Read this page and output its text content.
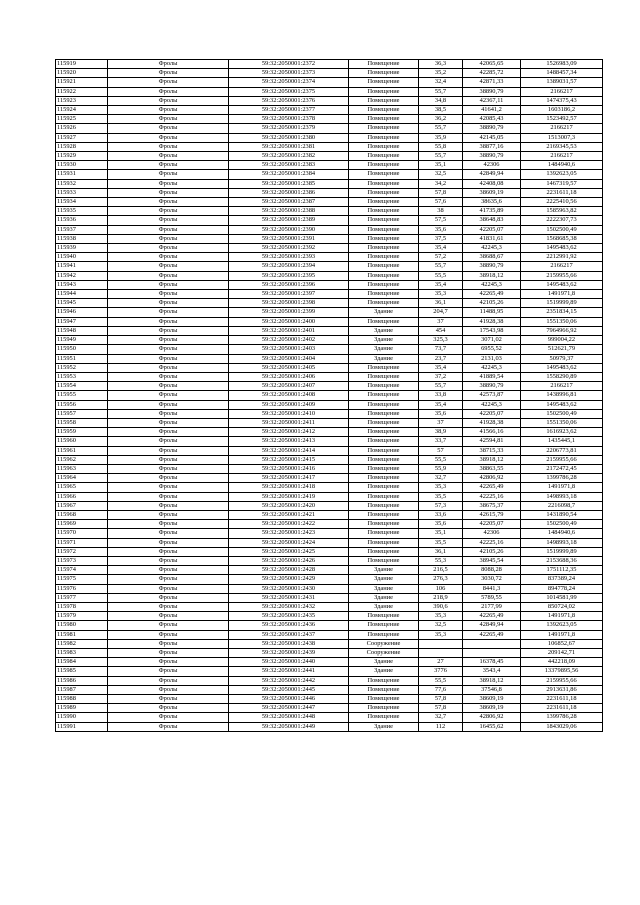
115919	Фролы	59:32:2050001:2372	Помещение	36,3	42065,65	1526983,09
115920	Фролы	59:32:2050001:2373	Помещение	35,2	42285,72	1488457,34
115921	Фролы	59:32:2050001:2374	Помещение	32,4	42871,33	1389031,57
115922	Фролы	59:32:2050001:2375	Помещение	55,7	38890,79	2166217
115923	Фролы	59:32:2050001:2376	Помещение	34,8	42367,11	1474375,43
115924	Фролы	59:32:2050001:2377	Помещение	38,5	41641,2	1603186,2
115925	Фролы	59:32:2050001:2378	Помещение	36,2	42085,43	1523492,57
115926	Фролы	59:32:2050001:2379	Помещение	55,7	38890,79	2166217
115927	Фролы	59:32:2050001:2380	Помещение	35,9	42145,05	1513007,3
115928	Фролы	59:32:2050001:2381	Помещение	55,8	38877,16	2169345,53
115929	Фролы	59:32:2050001:2382	Помещение	55,7	38890,79	2166217
115930	Фролы	59:32:2050001:2383	Помещение	35,1	42306	1484940,6
115931	Фролы	59:32:2050001:2384	Помещение	32,5	42849,94	1392623,05
115932	Фролы	59:32:2050001:2385	Помещение	34,2	42408,08	1467319,57
115933	Фролы	59:32:2050001:2386	Помещение	57,8	38609,19	2231611,18
115934	Фролы	59:32:2050001:2387	Помещение	57,6	38635,6	2225410,56
115935	Фролы	59:32:2050001:2388	Помещение	38	41735,89	1585963,82
115936	Фролы	59:32:2050001:2389	Помещение	57,5	38648,83	2222307,73
115937	Фролы	59:32:2050001:2390	Помещение	35,6	42205,07	1502500,49
115938	Фролы	59:32:2050001:2391	Помещение	37,5	41831,61	1568685,38
115939	Фролы	59:32:2050001:2392	Помещение	35,4	42245,3	1495483,62
115940	Фролы	59:32:2050001:2393	Помещение	57,2	38688,67	2212991,92
115941	Фролы	59:32:2050001:2394	Помещение	55,7	38890,79	2166217
115942	Фролы	59:32:2050001:2395	Помещение	55,5	38918,12	2159955,66
115943	Фролы	59:32:2050001:2396	Помещение	35,4	42245,3	1495483,62
115944	Фролы	59:32:2050001:2397	Помещение	35,3	42265,49	1491971,8
115945	Фролы	59:32:2050001:2398	Помещение	36,1	42105,26	1519999,89
115946	Фролы	59:32:2050001:2399	Здание	204,7	11488,95	2351834,15
115947	Фролы	59:32:2050001:2400	Помещение	37	41928,38	1551350,06
115948	Фролы	59:32:2050001:2401	Здание	454	17543,98	7964966,92
115949	Фролы	59:32:2050001:2402	Здание	325,3	3071,02	999004,22
115950	Фролы	59:32:2050001:2403	Здание	73,7	6955,52	512621,79
115951	Фролы	59:32:2050001:2404	Здание	23,7	2131,03	50979,37
115952	Фролы	59:32:2050001:2405	Помещение	35,4	42245,3	1495483,62
115953	Фролы	59:32:2050001:2406	Помещение	37,2	41889,54	1558290,89
115954	Фролы	59:32:2050001:2407	Помещение	55,7	38890,79	2166217
115955	Фролы	59:32:2050001:2408	Помещение	33,8	42573,87	1438996,81
115956	Фролы	59:32:2050001:2409	Помещение	35,4	42245,3	1495483,62
115957	Фролы	59:32:2050001:2410	Помещение	35,6	42205,07	1502500,49
115958	Фролы	59:32:2050001:2411	Помещение	37	41928,38	1551350,06
115959	Фролы	59:32:2050001:2412	Помещение	38,9	41566,16	1616923,62
115960	Фролы	59:32:2050001:2413	Помещение	33,7	42594,81	1435445,1
115961	Фролы	59:32:2050001:2414	Помещение	57	38715,33	2206773,81
115962	Фролы	59:32:2050001:2415	Помещение	55,5	38918,12	2159955,66
115963	Фролы	59:32:2050001:2416	Помещение	55,9	38863,55	2172472,45
115964	Фролы	59:32:2050001:2417	Помещение	32,7	42806,92	1399786,28
115965	Фролы	59:32:2050001:2418	Помещение	35,3	42265,49	1491971,8
115966	Фролы	59:32:2050001:2419	Помещение	35,5	42225,16	1498993,18
115967	Фролы	59:32:2050001:2420	Помещение	57,3	38675,37	2216098,7
115968	Фролы	59:32:2050001:2421	Помещение	33,6	42615,79	1431890,54
115969	Фролы	59:32:2050001:2422	Помещение	35,6	42205,07	1502500,49
115970	Фролы	59:32:2050001:2423	Помещение	35,1	42306	1484940,6
115971	Фролы	59:32:2050001:2424	Помещение	35,5	42225,16	1498993,18
115972	Фролы	59:32:2050001:2425	Помещение	36,1	42105,26	1519999,89
115973	Фролы	59:32:2050001:2426	Помещение	55,3	38945,54	2153688,36
115974	Фролы	59:32:2050001:2428	Здание	216,5	8088,28	1751112,35
115975	Фролы	59:32:2050001:2429	Здание	276,3	3030,72	837389,24
115976	Фролы	59:32:2050001:2430	Здание	106	8441,3	894778,24
115977	Фролы	59:32:2050001:2431	Здание	218,9	5789,55	1014581,99
115978	Фролы	59:32:2050001:2432	Здание	390,6	2177,99	850724,02
115979	Фролы	59:32:2050001:2435	Помещение	35,3	42265,49	1491971,8
115980	Фролы	59:32:2050001:2436	Помещение	32,5	42849,94	1392623,05
115981	Фролы	59:32:2050001:2437	Помещение	35,3	42265,49	1491971,8
115982	Фролы	59:32:2050001:2438	Сооружение			106852,67
115983	Фролы	59:32:2050001:2439	Сооружение			209142,71
115984	Фролы	59:32:2050001:2440	Здание	27	16378,45	442218,09
115985	Фролы	59:32:2050001:2441	Здание	3776	3543,4	13379895,56
115986	Фролы	59:32:2050001:2442	Помещение	55,5	38918,12	2159955,66
115987	Фролы	59:32:2050001:2445	Помещение	77,6	37546,8	2913631,86
115988	Фролы	59:32:2050001:2446	Помещение	57,8	38609,19	2231611,18
115989	Фролы	59:32:2050001:2447	Помещение	57,8	38609,19	2231611,18
115990	Фролы	59:32:2050001:2448	Помещение	32,7	42806,92	1399786,28
115991	Фролы	59:32:2050001:2449	Здание	112	16455,62	1843029,06
